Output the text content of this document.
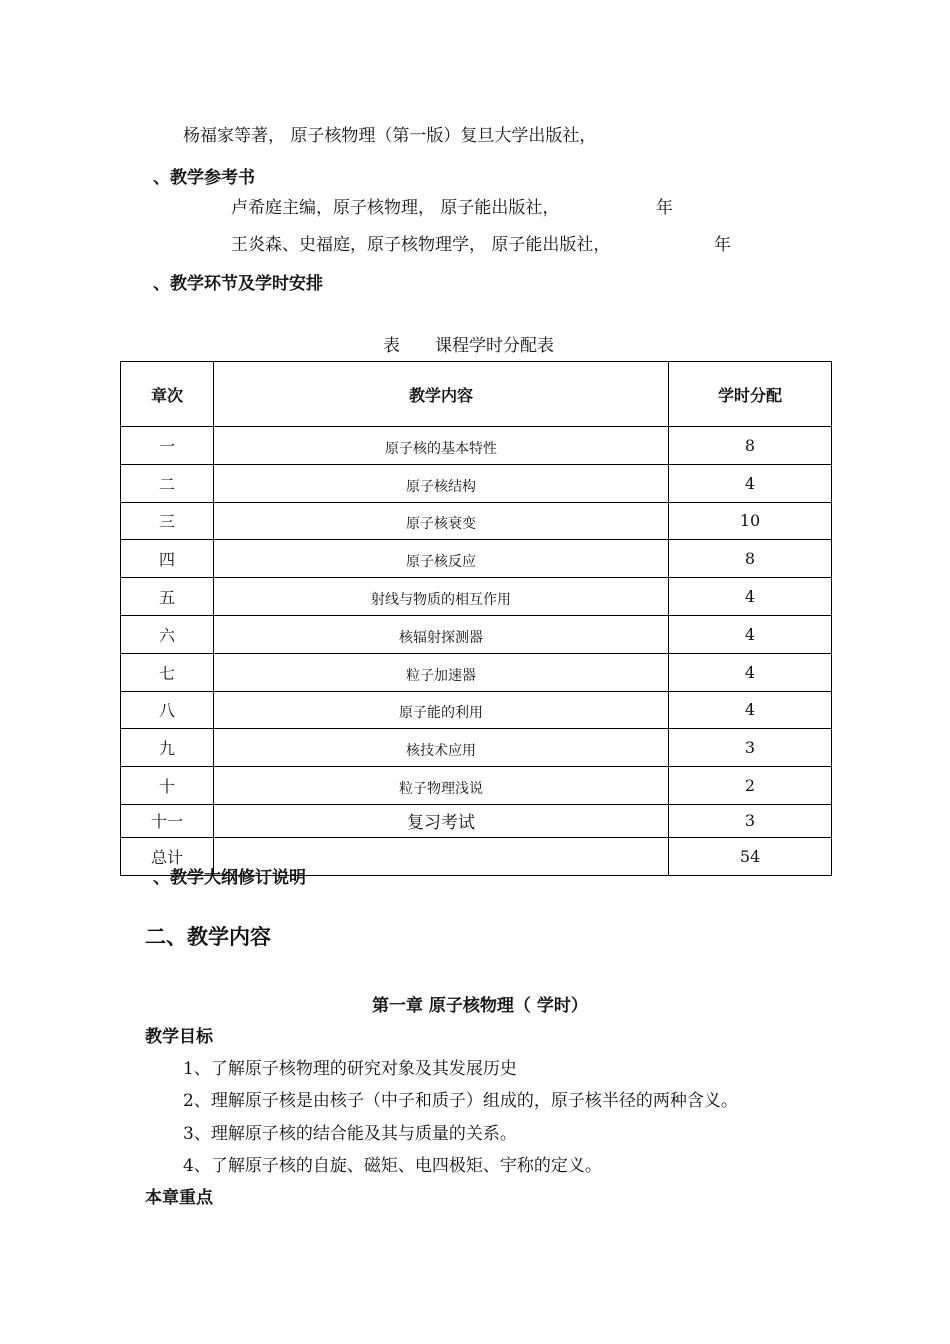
杨福家等著， 原子核物理（第一版）复旦大学出版社，
、教学参考书
卢希庭主编，原子核物理， 原子能出版社，	年
王炎森、史福庭，原子核物理学， 原子能出版社，	年
、教学环节及学时安排
表 课程学时分配表
章次	教学内容	学时分配
一	原子核的基本特性	8
二	原子核结构	4
三	原子核衰变	10
四	原子核反应	8
五	射线与物质的相互作用	4
六	核辐射探测器	4
七	粒子加速器	4
八	原子能的利用	4
九	核技术应用	3
十	粒子物理浅说	2
十一	复习考试	3
总计		54
、教学大纲修订说明
二、教学内容
第一章 原子核物理（ 学时）
教学目标
1、了解原子核物理的研究对象及其发展历史
2、理解原子核是由核子（中子和质子）组成的，原子核半径的两种含义。
3、理解原子核的结合能及其与质量的关系。
4、了解原子核的自旋、磁矩、电四极矩、宇称的定义。
本章重点
